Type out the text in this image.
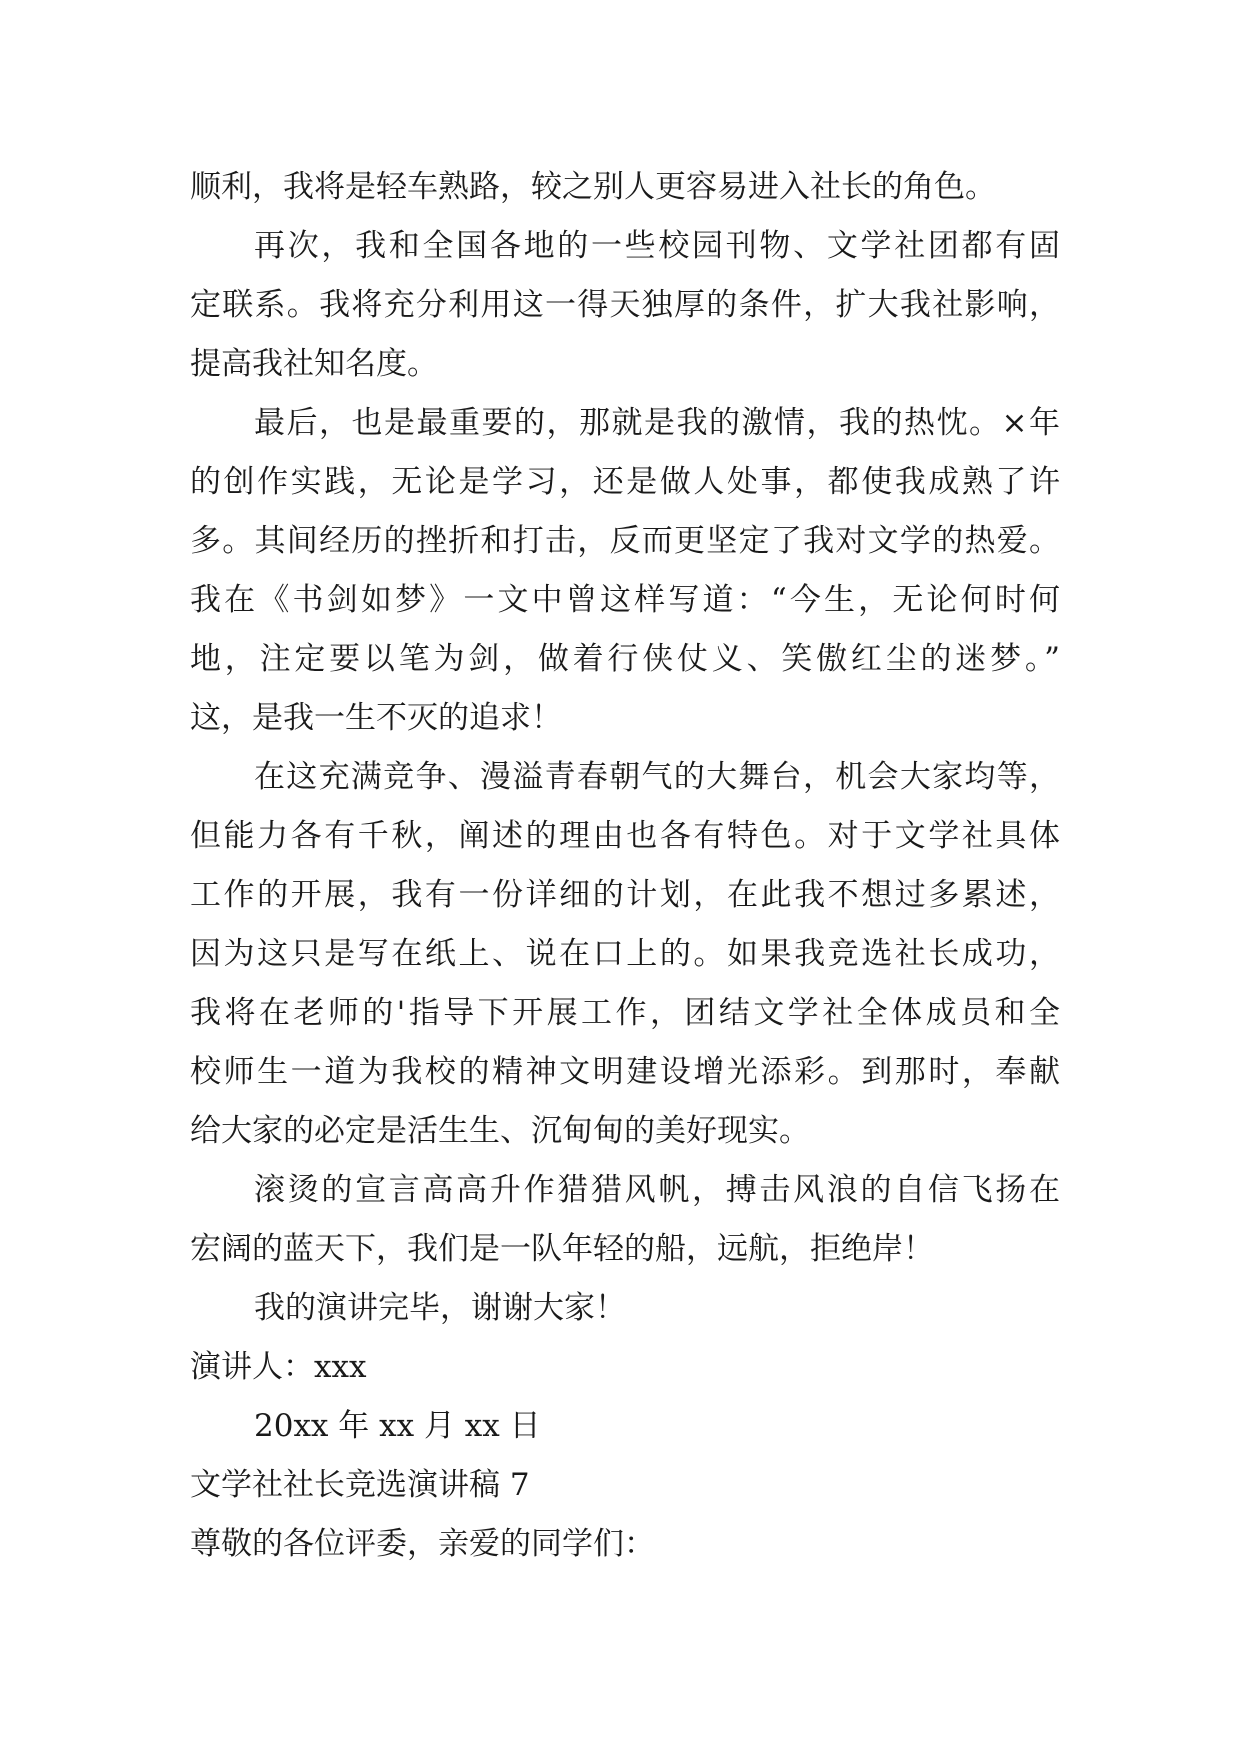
顺利，我将是轻车熟路，较之别人更容易进入社长的角色。
再次，我和全国各地的一些校园刊物、文学社团都有固
定联系。我将充分利用这一得天独厚的条件，扩大我社影响，
提高我社知名度。
最后，也是最重要的，那就是我的激情，我的热忱。×年
的创作实践，无论是学习，还是做人处事，都使我成熟了许
多。其间经历的挫折和打击，反而更坚定了我对文学的热爱。
我在《书剑如梦》一文中曾这样写道：“今生，无论何时何
地，注定要以笔为剑，做着行侠仗义、笑傲红尘的迷梦。”
这，是我一生不灭的追求！
在这充满竞争、漫溢青春朝气的大舞台，机会大家均等，
但能力各有千秋，阐述的理由也各有特色。对于文学社具体
工作的开展，我有一份详细的计划，在此我不想过多累述，
因为这只是写在纸上、说在口上的。如果我竞选社长成功，
我将在老师的'指导下开展工作，团结文学社全体成员和全
校师生一道为我校的精神文明建设增光添彩。到那时，奉献
给大家的必定是活生生、沉甸甸的美好现实。
滚烫的宣言高高升作猎猎风帆，搏击风浪的自信飞扬在
宏阔的蓝天下，我们是一队年轻的船，远航，拒绝岸！
我的演讲完毕，谢谢大家！
演讲人：xxx
20xx 年 xx 月 xx 日
文学社社长竞选演讲稿 7
尊敬的各位评委，亲爱的同学们：
